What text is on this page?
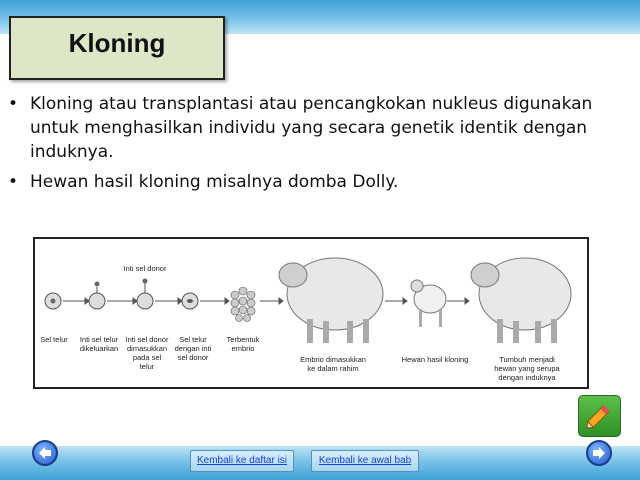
Kloning
• Kloning atau transplantasi atau pencangkokan nukleus digunakan untuk menghasilkan individu yang secara genetik identik dengan induknya.
• Hewan hasil kloning misalnya domba Dolly.
Inti sel donor
Sel telur	Inti sel telur dikeluarkan
Inti sel donor dimasukkan pada sel telur
Sel telur dengan inti sel donor
Terbentuk embrio
Embrio dimasukkan ke dalam rahim
Hewan hasil kloning	Tumbuh menjadi hewan yang serupa dengan induknya
Kembali ke daftar isi	Kembali ke awal bab
